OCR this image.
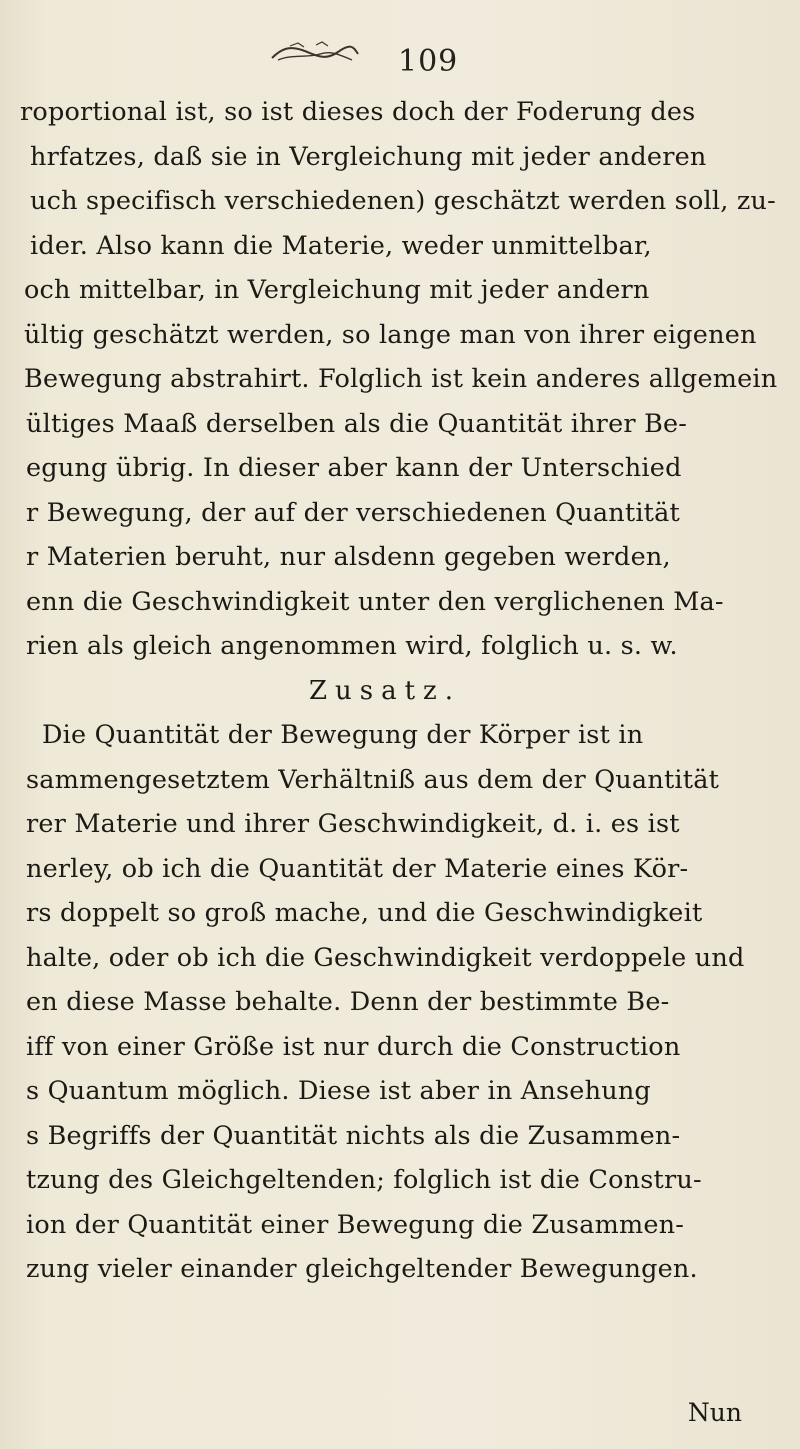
109
roportional ist, so ist dieses doch der Foderung des
hrfatzes, daß sie in Vergleichung mit jeder anderen
uch specifisch verschiedenen) geschätzt werden soll, zu-
ider. Also kann die Materie, weder unmittelbar,
och mittelbar, in Vergleichung mit jeder andern
ültig geschätzt werden, so lange man von ihrer eigenen
Bewegung abstrahirt. Folglich ist kein anderes allgemein
ültiges Maaß derselben als die Quantität ihrer Be-
egung übrig. In dieser aber kann der Unterschied
r Bewegung, der auf der verschiedenen Quantität
r Materien beruht, nur alsdenn gegeben werden,
enn die Geschwindigkeit unter den verglichenen Ma-
rien als gleich angenommen wird, folglich u. s. w.
Zusatz.
Die Quantität der Bewegung der Körper ist in
sammengesetztem Verhältniß aus dem der Quantität
rer Materie und ihrer Geschwindigkeit, d. i. es ist
nerley, ob ich die Quantität der Materie eines Kör-
rs doppelt so groß mache, und die Geschwindigkeit
halte, oder ob ich die Geschwindigkeit verdoppele und
en diese Masse behalte. Denn der bestimmte Be-
iff von einer Größe ist nur durch die Construction
s Quantum möglich. Diese ist aber in Ansehung
s Begriffs der Quantität nichts als die Zusammen-
tzung des Gleichgeltenden; folglich ist die Constru-
ion der Quantität einer Bewegung die Zusammen-
zung vieler einander gleichgeltender Bewegungen.
Nun
